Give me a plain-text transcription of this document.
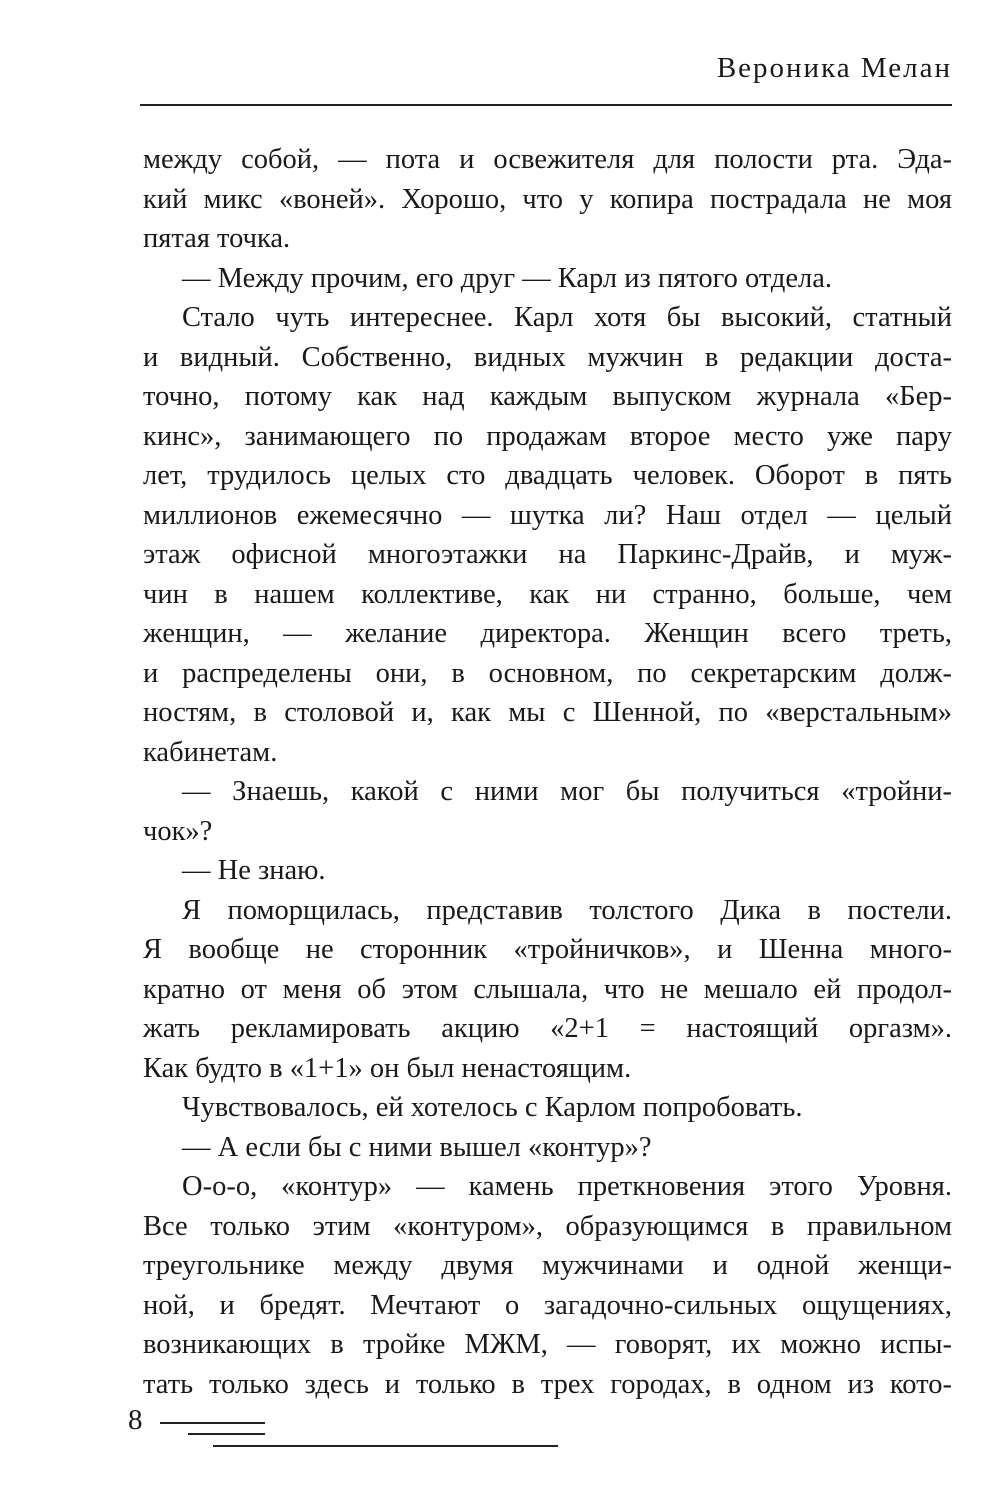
Вероника Мелан
между собой, — пота и освежителя для полости рта. Эда-
кий микс «воней». Хорошо, что у копира пострадала не моя
пятая точка.
— Между прочим, его друг — Карл из пятого отдела.
Стало чуть интереснее. Карл хотя бы высокий, статный
и видный. Собственно, видных мужчин в редакции доста-
точно, потому как над каждым выпуском журнала «Бер-
кинс», занимающего по продажам второе место уже пару
лет, трудилось целых сто двадцать человек. Оборот в пять
миллионов ежемесячно — шутка ли? Наш отдел — целый
этаж офисной многоэтажки на Паркинс-Драйв, и муж-
чин в нашем коллективе, как ни странно, больше, чем
женщин, — желание директора. Женщин всего треть,
и распределены они, в основном, по секретарским долж-
ностям, в столовой и, как мы с Шенной, по «верстальным»
кабинетам.
— Знаешь, какой с ними мог бы получиться «тройни-
чок»?
— Не знаю.
Я поморщилась, представив толстого Дика в постели.
Я вообще не сторонник «тройничков», и Шенна много-
кратно от меня об этом слышала, что не мешало ей продол-
жать рекламировать акцию «2+1 = настоящий оргазм».
Как будто в «1+1» он был ненастоящим.
Чувствовалось, ей хотелось с Карлом попробовать.
— А если бы с ними вышел «контур»?
О-о-о, «контур» — камень преткновения этого Уровня.
Все только этим «контуром», образующимся в правильном
треугольнике между двумя мужчинами и одной женщи-
ной, и бредят. Мечтают о загадочно-сильных ощущениях,
возникающих в тройке МЖМ, — говорят, их можно испы-
тать только здесь и только в трех городах, в одном из кото-
8
